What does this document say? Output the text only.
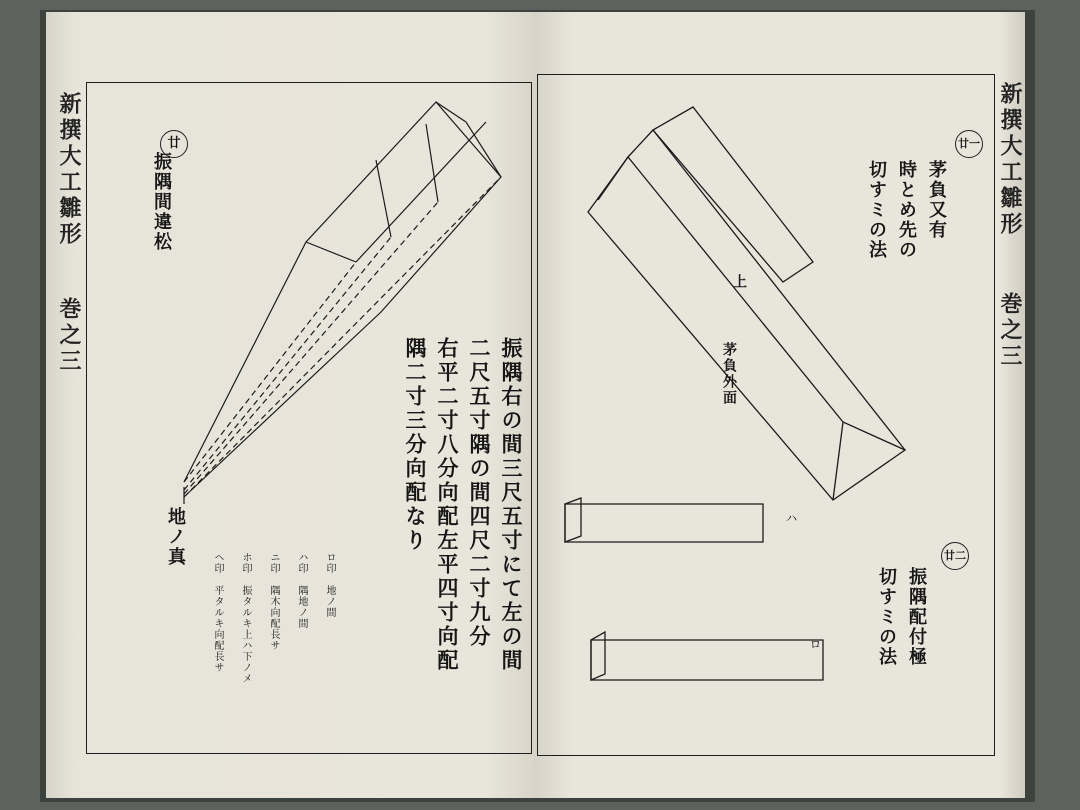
新撰大工雛形
巻之三
廿
振隅間違松
振隅右の間三尺五寸にて左の間
二尺五寸隅の間四尺二寸九分
右平二寸八分向配左平四寸向配
隅二寸三分向配なり
地ノ真
ロ印　地ノ間
ハ印　隅地ノ間
ニ印　隅木向配長サ
ホ印　振タルキ上ハ下ノメ
ヘ印　平タルキ向配長サ
新撰大工雛形
巻之三
廿一
茅負又有
時とめ先の
切すミの法
上
茅負外面
廿二
振隅配付極
切すミの法
ハ
ロ
